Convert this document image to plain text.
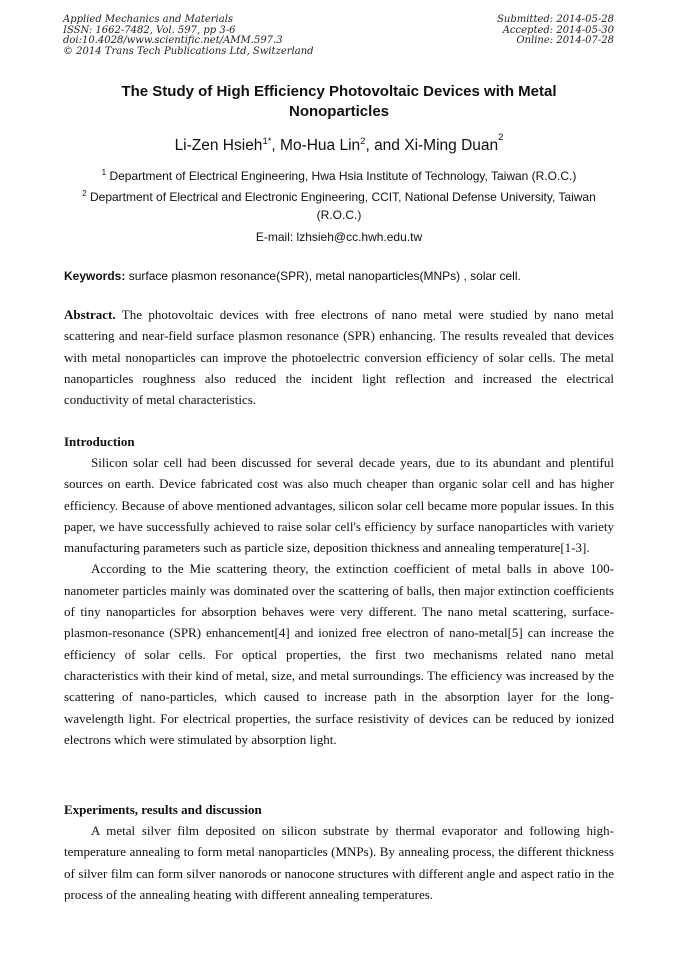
Applied Mechanics and Materials
ISSN: 1662-7482, Vol. 597, pp 3-6
doi:10.4028/www.scientific.net/AMM.597.3
© 2014 Trans Tech Publications Ltd, Switzerland
Submitted: 2014-05-28
Accepted: 2014-05-30
Online: 2014-07-28
The Study of High Efficiency Photovoltaic Devices with Metal
Nonoparticles
Li-Zen Hsieh$^{1*}$, Mo-Hua Lin$^2$, and Xi-Ming Duan$^2$
$^1$ Department of Electrical Engineering, Hwa Hsia Institute of Technology, Taiwan (R.O.C.)
$^2$ Department of Electrical and Electronic Engineering, CCIT, National Defense University, Taiwan
(R.O.C.)
E-mail: lzhsieh@cc.hwh.edu.tw
Keywords: surface plasmon resonance(SPR), metal nanoparticles(MNPs) , solar cell.

Abstract. The photovoltaic devices with free electrons of nano metal were studied by nano metal scattering and near-field surface plasmon resonance (SPR) enhancing. The results revealed that devices with metal nonoparticles can improve the photoelectric conversion efficiency of solar cells. The metal nanoparticles roughness also reduced the incident light reflection and increased the electrical conductivity of metal characteristics.

Introduction

Silicon solar cell had been discussed for several decade years, due to its abundant and plentiful sources on earth. Device fabricated cost was also much cheaper than organic solar cell and has higher efficiency. Because of above mentioned advantages, silicon solar cell became more popular issues. In this paper, we have successfully achieved to raise solar cell's efficiency by surface nanoparticles with variety manufacturing parameters such as particle size, deposition thickness and annealing temperature[1-3].

According to the Mie scattering theory, the extinction coefficient of metal balls in above 100-nanometer particles mainly was dominated over the scattering of balls, then major extinction coefficients of tiny nanoparticles for absorption behaves were very different. The nano metal scattering, surface-plasmon-resonance (SPR) enhancement[4] and ionized free electron of nano-metal[5] can increase the efficiency of solar cells. For optical properties, the first two mechanisms related nano metal characteristics with their kind of metal, size, and metal surroundings. The efficiency was increased by the scattering of nano-particles, which caused to increase path in the absorption layer for the long-wavelength light. For electrical properties, the surface resistivity of devices can be reduced by ionized electrons which were stimulated by absorption light.

Experiments, results and discussion

A metal silver film deposited on silicon substrate by thermal evaporator and following high-temperature annealing to form metal nanoparticles (MNPs). By annealing process, the different thickness of silver film can form silver nanorods or nanocone structures with different angle and aspect ratio in the process of the annealing heating with different annealing temperatures.
